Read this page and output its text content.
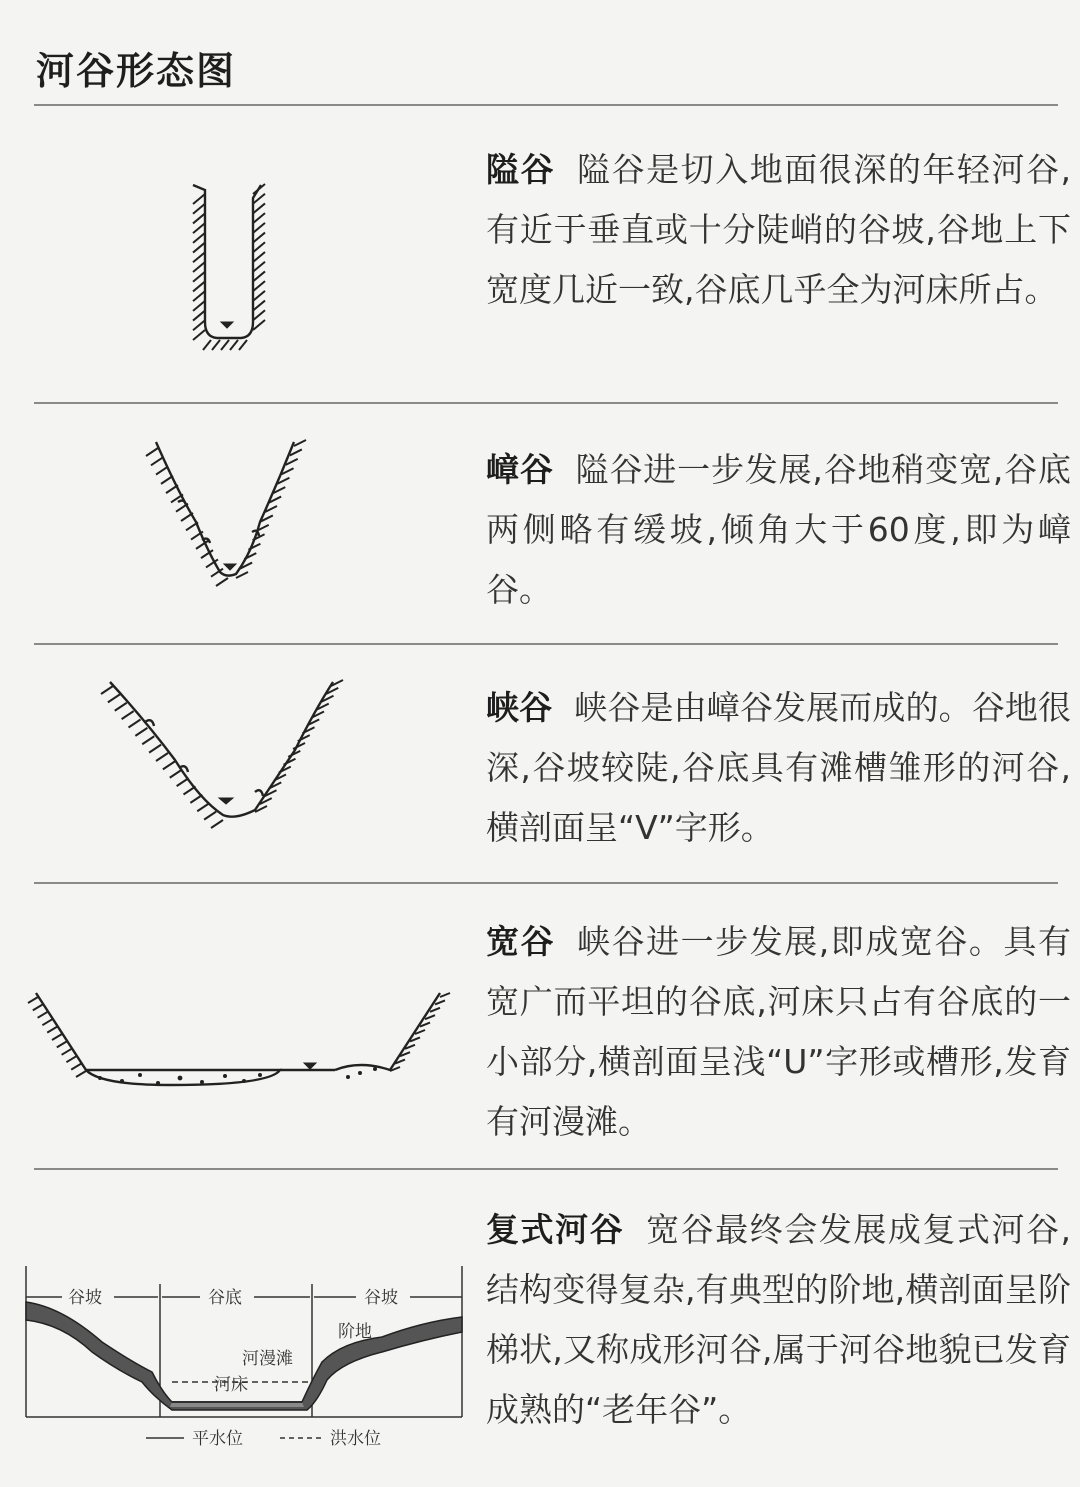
河谷形态图
隘谷 隘谷是切入地面很深的年轻河谷,有近于垂直或十分陡峭的谷坡,谷地上下宽度几近一致,谷底几乎全为河床所占。
嶂谷 隘谷进一步发展,谷地稍变宽,谷底两侧略有缓坡,倾角大于60度,即为嶂谷。
峡谷 峡谷是由嶂谷发展而成的。谷地很深,谷坡较陡,谷底具有滩槽雏形的河谷,横剖面呈“V”字形。
宽谷 峡谷进一步发展,即成宽谷。具有宽广而平坦的谷底,河床只占有谷底的一小部分,横剖面呈浅“U”字形或槽形,发育有河漫滩。
谷坡	谷底	谷坡
阶地
河漫滩
河床
平水位	洪水位
复式河谷 宽谷最终会发展成复式河谷,结构变得复杂,有典型的阶地,横剖面呈阶梯状,又称成形河谷,属于河谷地貌已发育成熟的“老年谷”。
